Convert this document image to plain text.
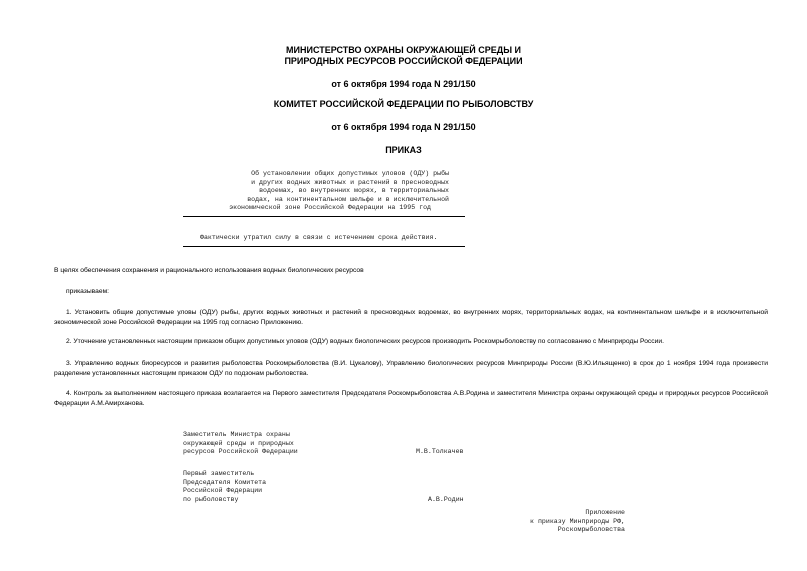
МИНИСТЕРСТВО ОХРАНЫ ОКРУЖАЮЩЕЙ СРЕДЫ И
ПРИРОДНЫХ РЕСУРСОВ РОССИЙСКОЙ ФЕДЕРАЦИИ
от 6 октября 1994 года N 291/150
КОМИТЕТ РОССИЙСКОЙ ФЕДЕРАЦИИ ПО РЫБОЛОВСТВУ
от 6 октября 1994 года N 291/150
ПРИКАЗ
Об установлении общих допустимых уловов (ОДУ) рыбы
и других водных животных и растений в пресноводных
водоемах, во внутренних морях, в территориальных
водах, на континентальном шельфе и в исключительной
экономической зоне Российской Федерации на 1995 год
Фактически утратил силу в связи с истечением срока действия.
В целях обеспечения сохранения и рационального использования водных биологических ресурсов
приказываем:
1. Установить общие допустимые уловы (ОДУ) рыбы, других водных животных и растений в пресноводных водоемах, во внутренних морях, территориальных водах, на континентальном шельфе и в исключительной экономической зоне Российской Федерации на 1995 год согласно Приложению.
2. Уточнение установленных настоящим приказом общих допустимых уловов (ОДУ) водных биологических ресурсов производить Роскомрыболовству по согласованию с Минприроды России.
3. Управлению водных биоресурсов и развития рыболовства Роскомрыболовства (В.И. Цукалову), Управлению биологических ресурсов Минприроды России (В.Ю.Ильященко) в срок до 1 ноября 1994 года произвести разделение установленных настоящим приказом ОДУ по подзонам рыболовства.
4. Контроль за выполнением настоящего приказа возлагается на Первого заместителя Председателя Роскомрыболовства А.В.Родина и заместителя Министра охраны окружающей среды и природных ресурсов Российской Федерации А.М.Амирханова.
Заместитель Министра охраны
окружающей среды и природных
ресурсов Российской Федерации	М.В.Толкачев
Первый заместитель
Председателя Комитета
Российской Федерации
по рыболовству	А.В.Родин
Приложение
к приказу Минприроды РФ,
Роскомрыболовства
